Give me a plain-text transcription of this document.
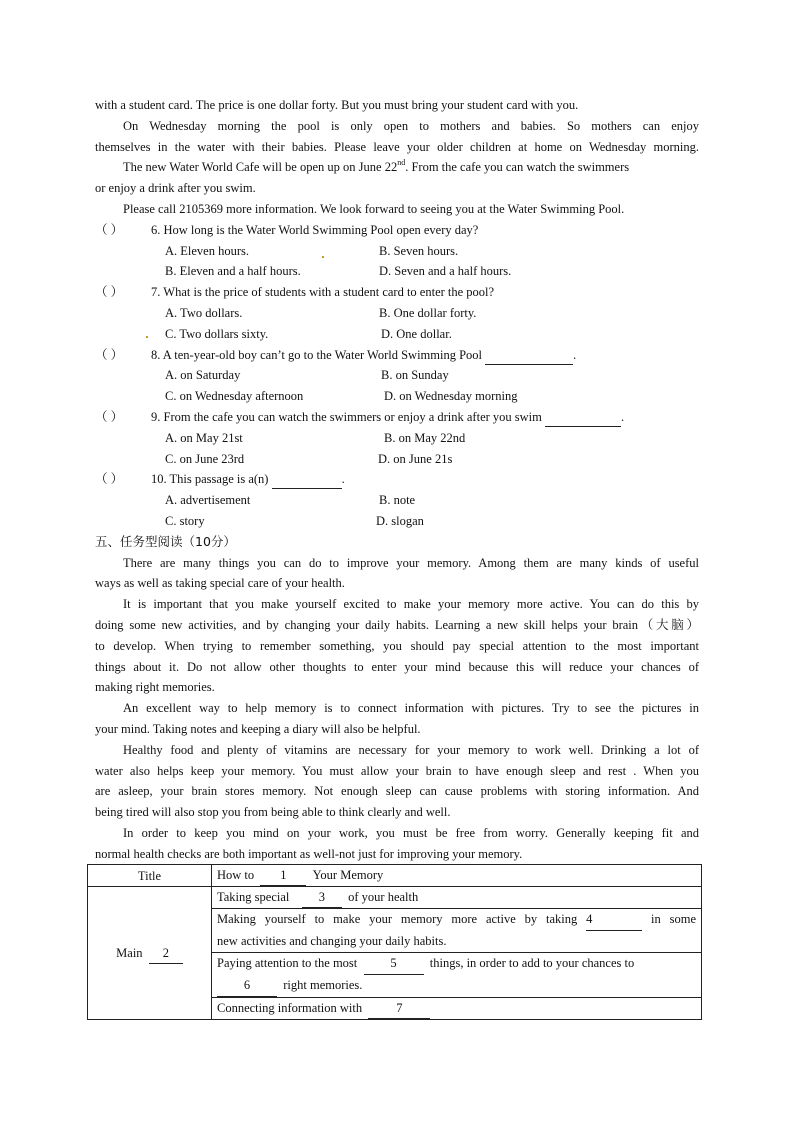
with a student card. The price is one dollar forty. But you must bring your student card with you.
On Wednesday morning the pool is only open to mothers and babies. So mothers can enjoy
themselves in the water with their babies. Please leave your older children at home on Wednesday morning.
The new Water World Cafe will be open up on June 22nd. From the cafe you can watch the swimmers
or enjoy a drink after you swim.
Please call 2105369 more information. We look forward to seeing you at the Water Swimming Pool.
（ ） 6. How long is the Water World Swimming Pool open every day?
A. Eleven hours.	B. Seven hours.
B. Eleven and a half hours.	D. Seven and a half hours.
（ ） 7. What is the price of students with a student card to enter the pool?
A. Two dollars.	B. One dollar forty.
C. Two dollars sixty.	D. One dollar.
（ ） 8. A ten-year-old boy can’t go to the Water World Swimming Pool	.
A. on Saturday	B. on Sunday
C. on Wednesday afternoon	D. on Wednesday morning
（ ） 9. From the cafe you can watch the swimmers or enjoy a drink after you swim	.
A. on May 21st	B. on May 22nd
C. on June 23rd	D. on June 21s
（ ） 10. This passage is a(n)	.
A. advertisement	B. note
C. story	D. slogan
五、任务型阅读（10分）
There are many things you can do to improve your memory. Among them are many kinds of useful
ways as well as taking special care of your health.
It is important that you make yourself excited to make your memory more active. You can do this by
doing some new activities, and by changing your daily habits. Learning a new skill helps your brain（大脑）
to develop. When trying to remember something, you should pay special attention to the most important
things about it. Do not allow other thoughts to enter your mind because this will reduce your chances of
making right memories.
An excellent way to help memory is to connect information with pictures. Try to see the pictures in
your mind. Taking notes and keeping a diary will also be helpful.
Healthy food and plenty of vitamins are necessary for your memory to work well. Drinking a lot of
water also helps keep your memory. You must allow your brain to have enough sleep and rest . When you
are asleep, your brain stores memory. Not enough sleep can cause problems with storing information. And
being tired will also stop you from being able to think clearly and well.
In order to keep you mind on your work, you must be free from worry. Generally keeping fit and
normal health checks are both important as well-not just for improving your memory.
Title	How to 1 Your Memory
Main 2	Taking special 3 of your health

	Making yourself to make your memory more active by taking 4 in some
new activities and changing your daily habits.

	Paying attention to the most 5 things, in order to add to your chances to
6 right memories.

	Connecting information with 7
